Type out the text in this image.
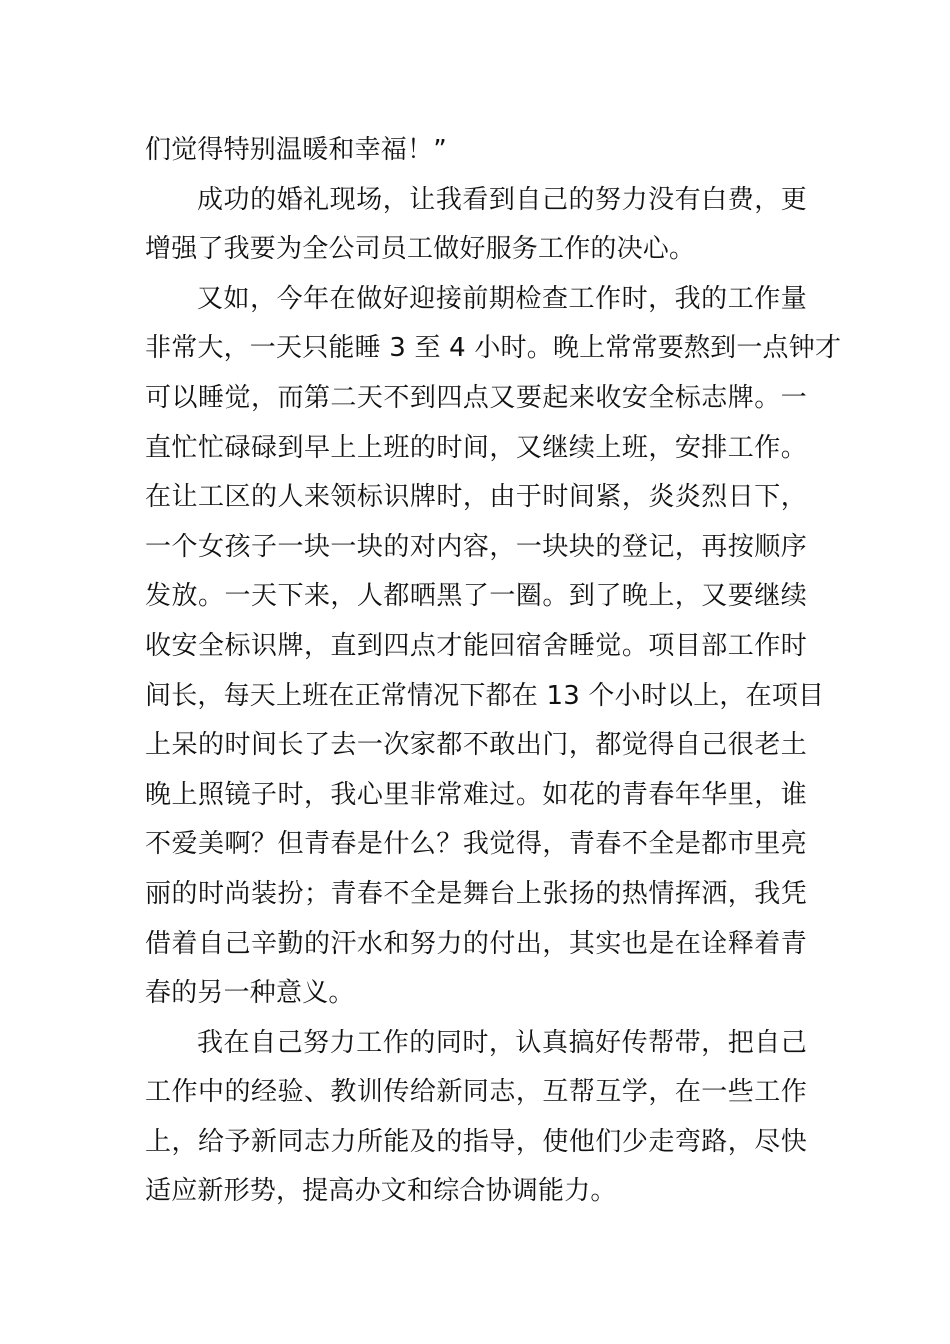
们觉得特别温暖和幸福！”
成功的婚礼现场，让我看到自己的努力没有白费，更
增强了我要为全公司员工做好服务工作的决心。
又如，今年在做好迎接前期检查工作时，我的工作量
非常大，一天只能睡 3 至 4 小时。晚上常常要熬到一点钟才
可以睡觉，而第二天不到四点又要起来收安全标志牌。一
直忙忙碌碌到早上上班的时间，又继续上班，安排工作。
在让工区的人来领标识牌时，由于时间紧，炎炎烈日下，
一个女孩子一块一块的对内容，一块块的登记，再按顺序
发放。一天下来，人都晒黑了一圈。到了晚上，又要继续
收安全标识牌，直到四点才能回宿舍睡觉。项目部工作时
间长，每天上班在正常情况下都在 13 个小时以上，在项目
上呆的时间长了去一次家都不敢出门，都觉得自己很老土
晚上照镜子时，我心里非常难过。如花的青春年华里，谁
不爱美啊？但青春是什么？我觉得，青春不全是都市里亮
丽的时尚装扮；青春不全是舞台上张扬的热情挥洒，我凭
借着自己辛勤的汗水和努力的付出，其实也是在诠释着青
春的另一种意义。
我在自己努力工作的同时，认真搞好传帮带，把自己
工作中的经验、教训传给新同志，互帮互学，在一些工作
上，给予新同志力所能及的指导，使他们少走弯路，尽快
适应新形势，提高办文和综合协调能力。
